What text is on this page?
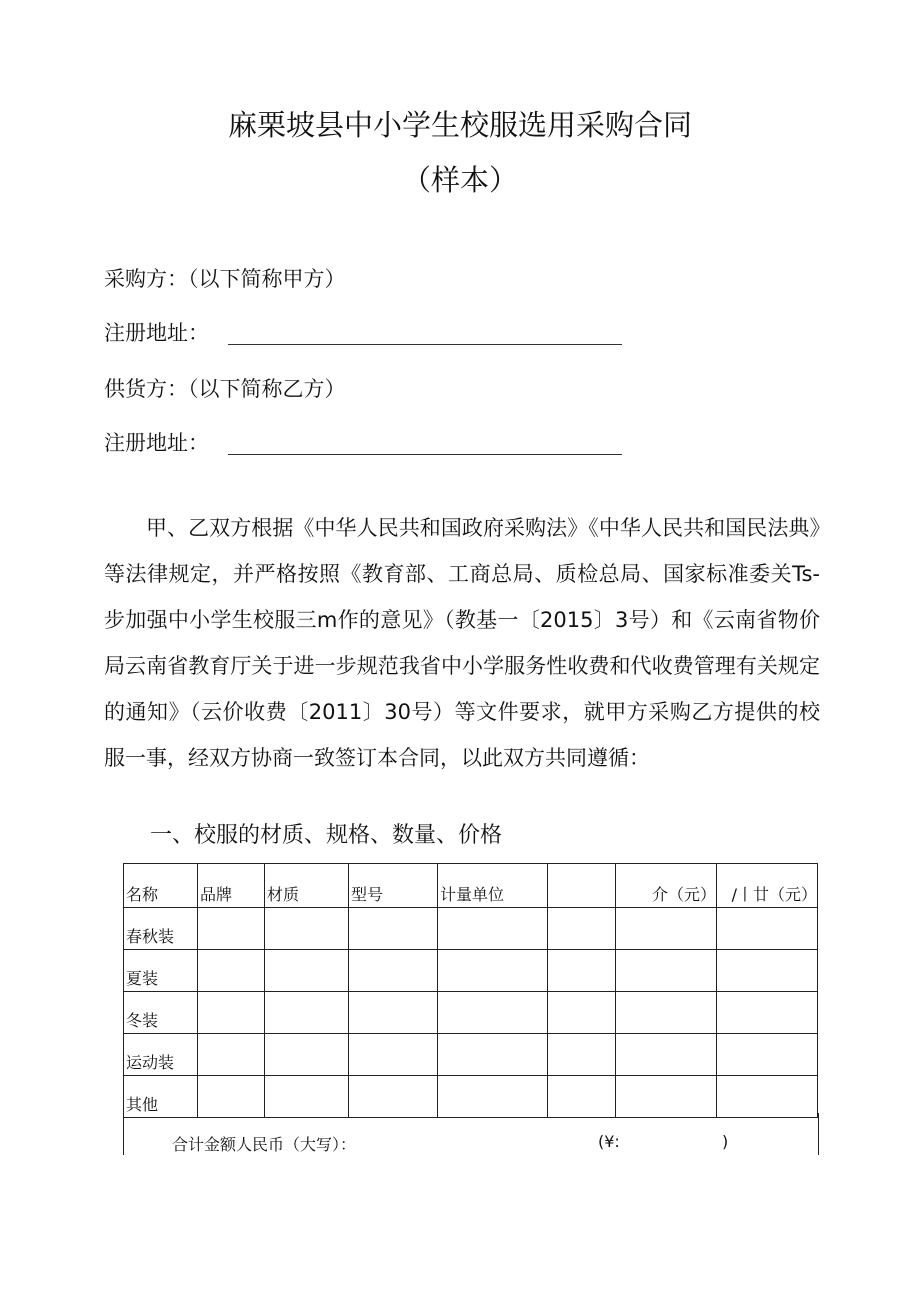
麻栗坡县中小学生校服选用采购合同
（样本）
采购方：（以下简称甲方）
注册地址：
供货方：（以下简称乙方）
注册地址：
甲、乙双方根据《中华人民共和国政府采购法》《中华人民共和国民法典》等法律规定，并严格按照《教育部、工商总局、质检总局、国家标准委关Ts-步加强中小学生校服三m作的意见》（教基一〔2015〕3号）和《云南省物价局云南省教育厅关于进一步规范我省中小学服务性收费和代收费管理有关规定的通知》（云价收费〔2011〕30号）等文件要求，就甲方采购乙方提供的校服一事，经双方协商一致签订本合同，以此双方共同遵循：
一、校服的材质、规格、数量、价格
名称	品牌	材质	型号	计量单位		介（元）	/丨廿（元）
春秋装							
夏装							
冬装							
运动装							
其他							
合计金额人民币（大写）：	(¥:	)
